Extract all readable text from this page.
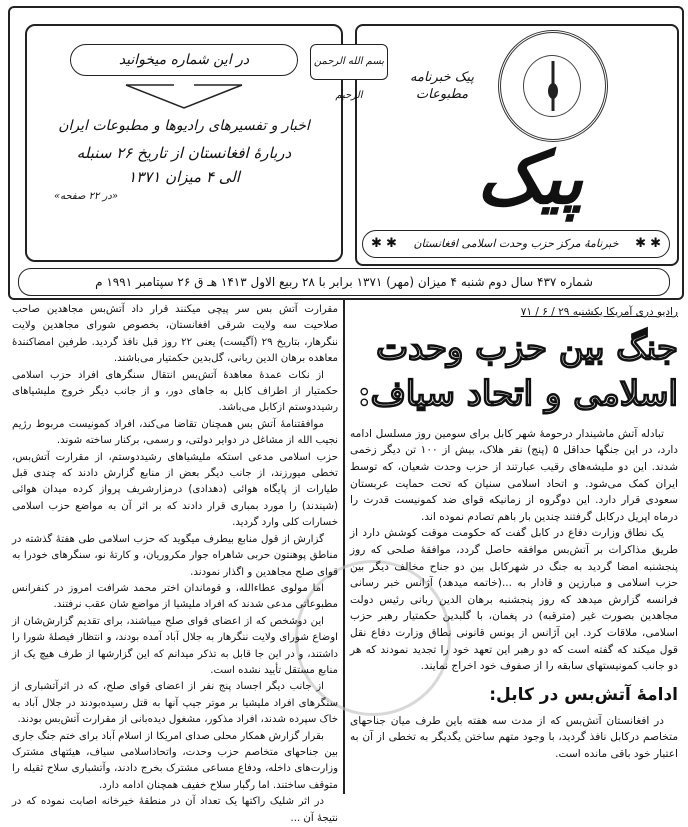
در این شماره میخوانید
اخبار و تفسیرهای رادیوها و مطبوعات ایران
دربارهٔ افغانستان از تاریخ ۲۶ سنبله
الی ۴ میزان ۱۳۷۱
«در ۲۲ صفحه»
بسم الله الرحمن الرحیم
پیک خبرنامه مطبوعات
پیک
✱ ✱
✱ ✱ خبرنامهٔ مرکز حزب وحدت اسلامی افغانستان
شماره ۴۳۷ سال دوم شنبه ۴ میزان (مهر) ۱۳۷۱ برابر با ۲۸ ربیع الاول ۱۴۱۳ هـ ق ۲۶ سپتامبر ۱۹۹۱ م
رادیو دری آمریکا یکشنبه ۲۹ / ۶ / ۷۱
جنگ بین حزب وحدت
اسلامی و اتحاد سیاف:

تبادله آتش ماشیندار درحومهٔ شهر کابل برای سومین روز مسلسل ادامه دارد، در این جنگها حداقل ۵ (پنج) نفر هلاک، بیش از ۱۰۰ تن دیگر زخمی شدند. این دو ملیشه‌های رقیب عبارتند از حزب وحدت شعیان، که توسط ایران کمک می‌شود. و اتحاد اسلامی سنیان که تحت حمایت عربستان سعودی قرار دارد. این دوگروه از زمانیکه قوای ضد کمونیست قدرت را درماه اپریل درکابل گرفتند چندین بار باهم تصادم نموده اند.

یک نطاق وزارت دفاع در کابل گفت که حکومت موقت کوشش دارد از طریق مذاکرات بر آتش‌بس موافقه حاصل گردد، موافقهٔ صلحی که روز پنجشنبه امضا گردید به جنگ در شهرکابل بین دو جناح مخالف دیگر بین حزب اسلامی و مبارزین و قادار به ...(خاتمه میدهد) آژانس خبر رسانی فرانسه گزارش میدهد که روز پنجشنبه برهان الدین ربانی رئیس دولت مجاهدین بصورت غیر (مترقبه) در پغمان، با گلبدین حکمتیار رهبر حزب اسلامی، ملاقات کرد. این آژانس از یونس قانونی نطاق وزارت دفاع نقل قول میکند که گفته است که دو رهبر این تعهد خود را تجدید نمودند که هر دو جانب کمونیستهای سابقه را از صفوف خود اخراج نمایند.

ادامهٔ آتش‌بس در کابل:

در افغانستان آتش‌بس که از مدت سه هفته باین طرف میان جناحهای متخاصم درکابل نافذ گردید، با وجود متهم ساختن یگدیگر به تخطی از آن به اعتبار خود باقی مانده است.

مقرارت آتش بس سر پیچی میکنند قرار داد آتش‌بس مجاهدین صاحب صلاحیت سه ولایت شرقی افغانستان، بخصوص شورای مجاهدین ولایت ننگرهار، بتاریخ ۲۹ (آگیست) یعنی ۲۲ روز قبل نافذ گردید. طرفین امضاکنندهٔ معاهده برهان الدین ربانی، گل‌بدین حکمتیار می‌باشند.

از نکات عمدهٔ معاهدهٔ آتش‌بس انتقال سنگرهای افراد حزب اسلامی حکمتیار از اطراف کابل به جاهای دور، و از جانب دیگر خروج ملیشیاهای رشیددوستم ازکابل می‌باشد.

موافقتنامهٔ آتش بس همچنان تقاضا می‌کند، افراد کمونیست مربوط رژیم نجیب الله از مشاغل در دوایر دولتی، و رسمی، برکنار ساخته شوند.

حزب اسلامی مدعی استکه ملیشیاهای رشیددوستم، از مقرارت آتش‌بس، تخطی میورزند، از جانب دیگر بعض از منابع گزارش دادند که چندی قبل طیارات از پایگاه هوائی (دهدادی) درمزارشریف پرواز کرده میدان هوائی (شیندند) را مورد بمباری قرار دادند که بر اثر آن به مواضع حزب اسلامی خسارات کلی وارد گردید.

گزارش از قول منابع بیطرف میگوید که حزب اسلامی طی هفتهٔ گذشته در مناطق پوهنتون حربی شاهراه جوار مکروریان، و کارتهٔ نو، سنگرهای خودرا به قوای صلح مجاهدین و اگذار نمودند.

اما مولوی عطاءالله، و قوماندان اختر محمد شرافت امروز در کنفرانس مطبوعاتی مدعی شدند که افراد ملیشیا از مواضع شان عقب نرفتند.

این دوشخص که از اعضای قوای صلح میباشند، برای تقدیم گزارش‌شان از اوضاع شورای ولایت ننگرهار به جلال آباد آمده بودند، و انتظار فیصلهٔ شورا را داشتند، و در این جا قابل به تذکر میدانم که این گزارشها از طرف هیچ یک از منابع مستقل تأیید نشده است.

از جانب دیگر اجساد پنج نفر از اعضای قوای صلح، که در اثرآتشباری از سنگرهای افراد ملیشیا بر موتر جیپ آنها به قتل رسیده‌بودند در جلال آباد به خاک سپرده شدند، افراد مذکور، مشغول دیده‌بانی از مقرارت آتش‌بس بودند.

بقرار گزارش همکار محلی صدای امریکا از اسلام آباد برای ختم جنگ جاری بین جناحهای متخاصم حزب وحدت، واتحاداسلامی سیاف، هیئتهای مشترک وزارت‌های داخله، ودفاع مساعی مشترک بخرج دادند، وآتشباری سلاح ثقیله را متوقف ساختند. اما رگبار سلاح خفیف همچنان ادامه دارد.

در اثر شلیک راکتها یک تعداد آن در منطقهٔ خیرخانه اصابت نموده که در نتیجهٔ آن ...
